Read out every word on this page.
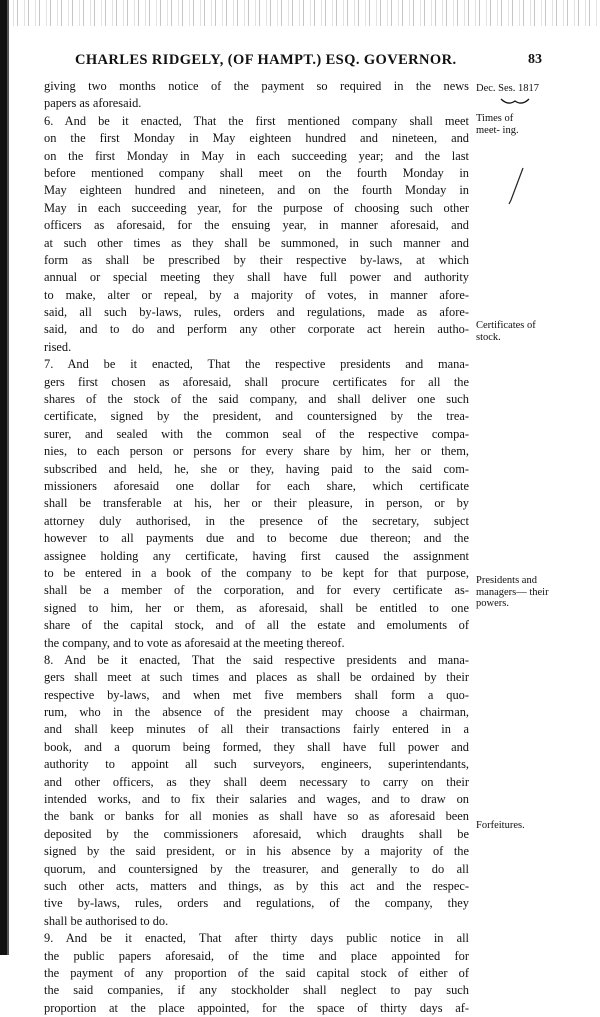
CHARLES RIDGELY, (OF HAMPT.) ESQ. GOVERNOR.	83
Dec. Ses. 1817
Times of meet- ing.
Certificates of stock.
Presidents and managers— their powers.
Forfeitures.
giving two months notice of the payment so required in the news
papers as aforesaid.
6. And be it enacted, That the first mentioned company shall meet
on the first Monday in May eighteen hundred and nineteen, and
on the first Monday in May in each succeeding year; and the last
before mentioned company shall meet on the fourth Monday in
May eighteen hundred and nineteen, and on the fourth Monday in
May in each succeeding year, for the purpose of choosing such other
officers as aforesaid, for the ensuing year, in manner aforesaid, and
at such other times as they shall be summoned, in such manner and
form as shall be prescribed by their respective by-laws, at which
annual or special meeting they shall have full power and authority
to make, alter or repeal, by a majority of votes, in manner afore-
said, all such by-laws, rules, orders and regulations, made as afore-
said, and to do and perform any other corporate act herein autho-
rised.
7. And be it enacted, That the respective presidents and mana-
gers first chosen as aforesaid, shall procure certificates for all the
shares of the stock of the said company, and shall deliver one such
certificate, signed by the president, and countersigned by the trea-
surer, and sealed with the common seal of the respective compa-
nies, to each person or persons for every share by him, her or them,
subscribed and held, he, she or they, having paid to the said com-
missioners aforesaid one dollar for each share, which certificate
shall be transferable at his, her or their pleasure, in person, or by
attorney duly authorised, in the presence of the secretary, subject
however to all payments due and to become due thereon; and the
assignee holding any certificate, having first caused the assignment
to be entered in a book of the company to be kept for that purpose,
shall be a member of the corporation, and for every certificate as-
signed to him, her or them, as aforesaid, shall be entitled to one
share of the capital stock, and of all the estate and emoluments of
the company, and to vote as aforesaid at the meeting thereof.
8. And be it enacted, That the said respective presidents and mana-
gers shall meet at such times and places as shall be ordained by their
respective by-laws, and when met five members shall form a quo-
rum, who in the absence of the president may choose a chairman,
and shall keep minutes of all their transactions fairly entered in a
book, and a quorum being formed, they shall have full power and
authority to appoint all such surveyors, engineers, superintendants,
and other officers, as they shall deem necessary to carry on their
intended works, and to fix their salaries and wages, and to draw on
the bank or banks for all monies as shall have so as aforesaid been
deposited by the commissioners aforesaid, which draughts shall be
signed by the said president, or in his absence by a majority of the
quorum, and countersigned by the treasurer, and generally to do all
such other acts, matters and things, as by this act and the respec-
tive by-laws, rules, orders and regulations, of the company, they
shall be authorised to do.
9. And be it enacted, That after thirty days public notice in all
the public papers aforesaid, of the time and place appointed for
the payment of any proportion of the said capital stock of either of
the said companies, if any stockholder shall neglect to pay such
proportion at the place appointed, for the space of thirty days af-
